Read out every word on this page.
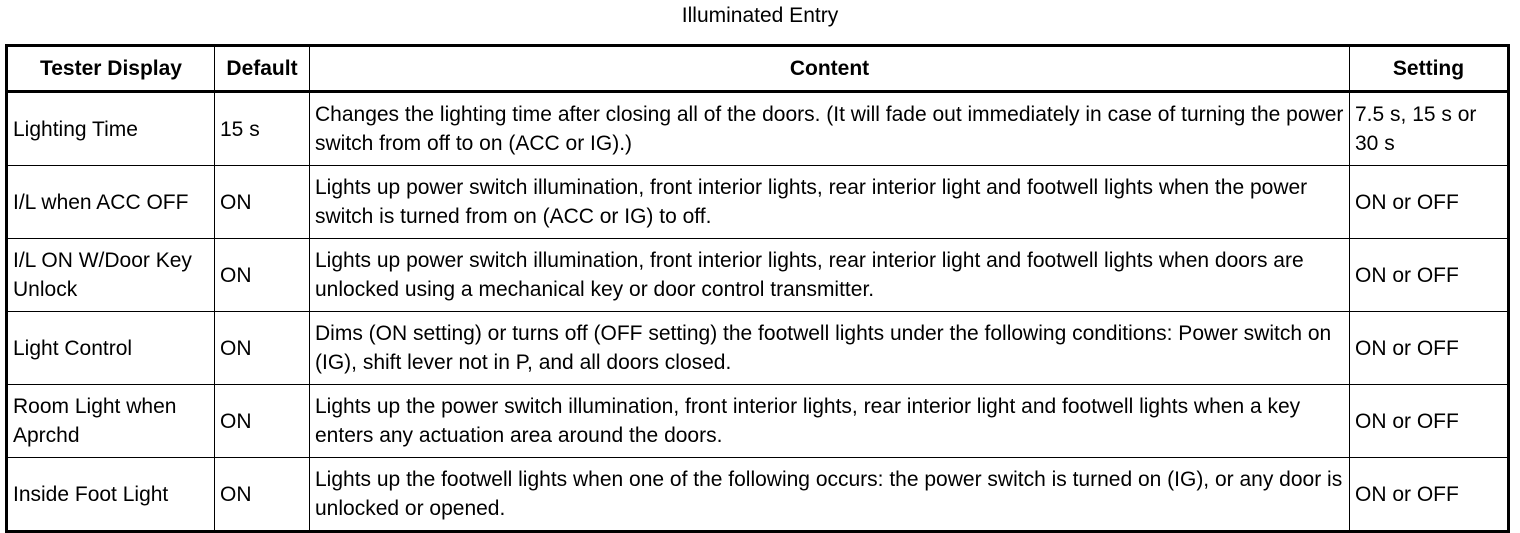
Illuminated Entry
Tester Display	Default	Content	Setting
Lighting Time	15 s	Changes the lighting time after closing all of the doors. (It will fade out immediately in case of turning the power switch from off to on (ACC or IG).)	7.5 s, 15 s or 30 s
I/L when ACC OFF	ON	Lights up power switch illumination, front interior lights, rear interior light and footwell lights when the power switch is turned from on (ACC or IG) to off.	ON or OFF
I/L ON W/Door Key Unlock	ON	Lights up power switch illumination, front interior lights, rear interior light and footwell lights when doors are unlocked using a mechanical key or door control transmitter.	ON or OFF
Light Control	ON	Dims (ON setting) or turns off (OFF setting) the footwell lights under the following conditions: Power switch on (IG), shift lever not in P, and all doors closed.	ON or OFF
Room Light when Aprchd	ON	Lights up the power switch illumination, front interior lights, rear interior light and footwell lights when a key enters any actuation area around the doors.	ON or OFF
Inside Foot Light	ON	Lights up the footwell lights when one of the following occurs: the power switch is turned on (IG), or any door is unlocked or opened.	ON or OFF
